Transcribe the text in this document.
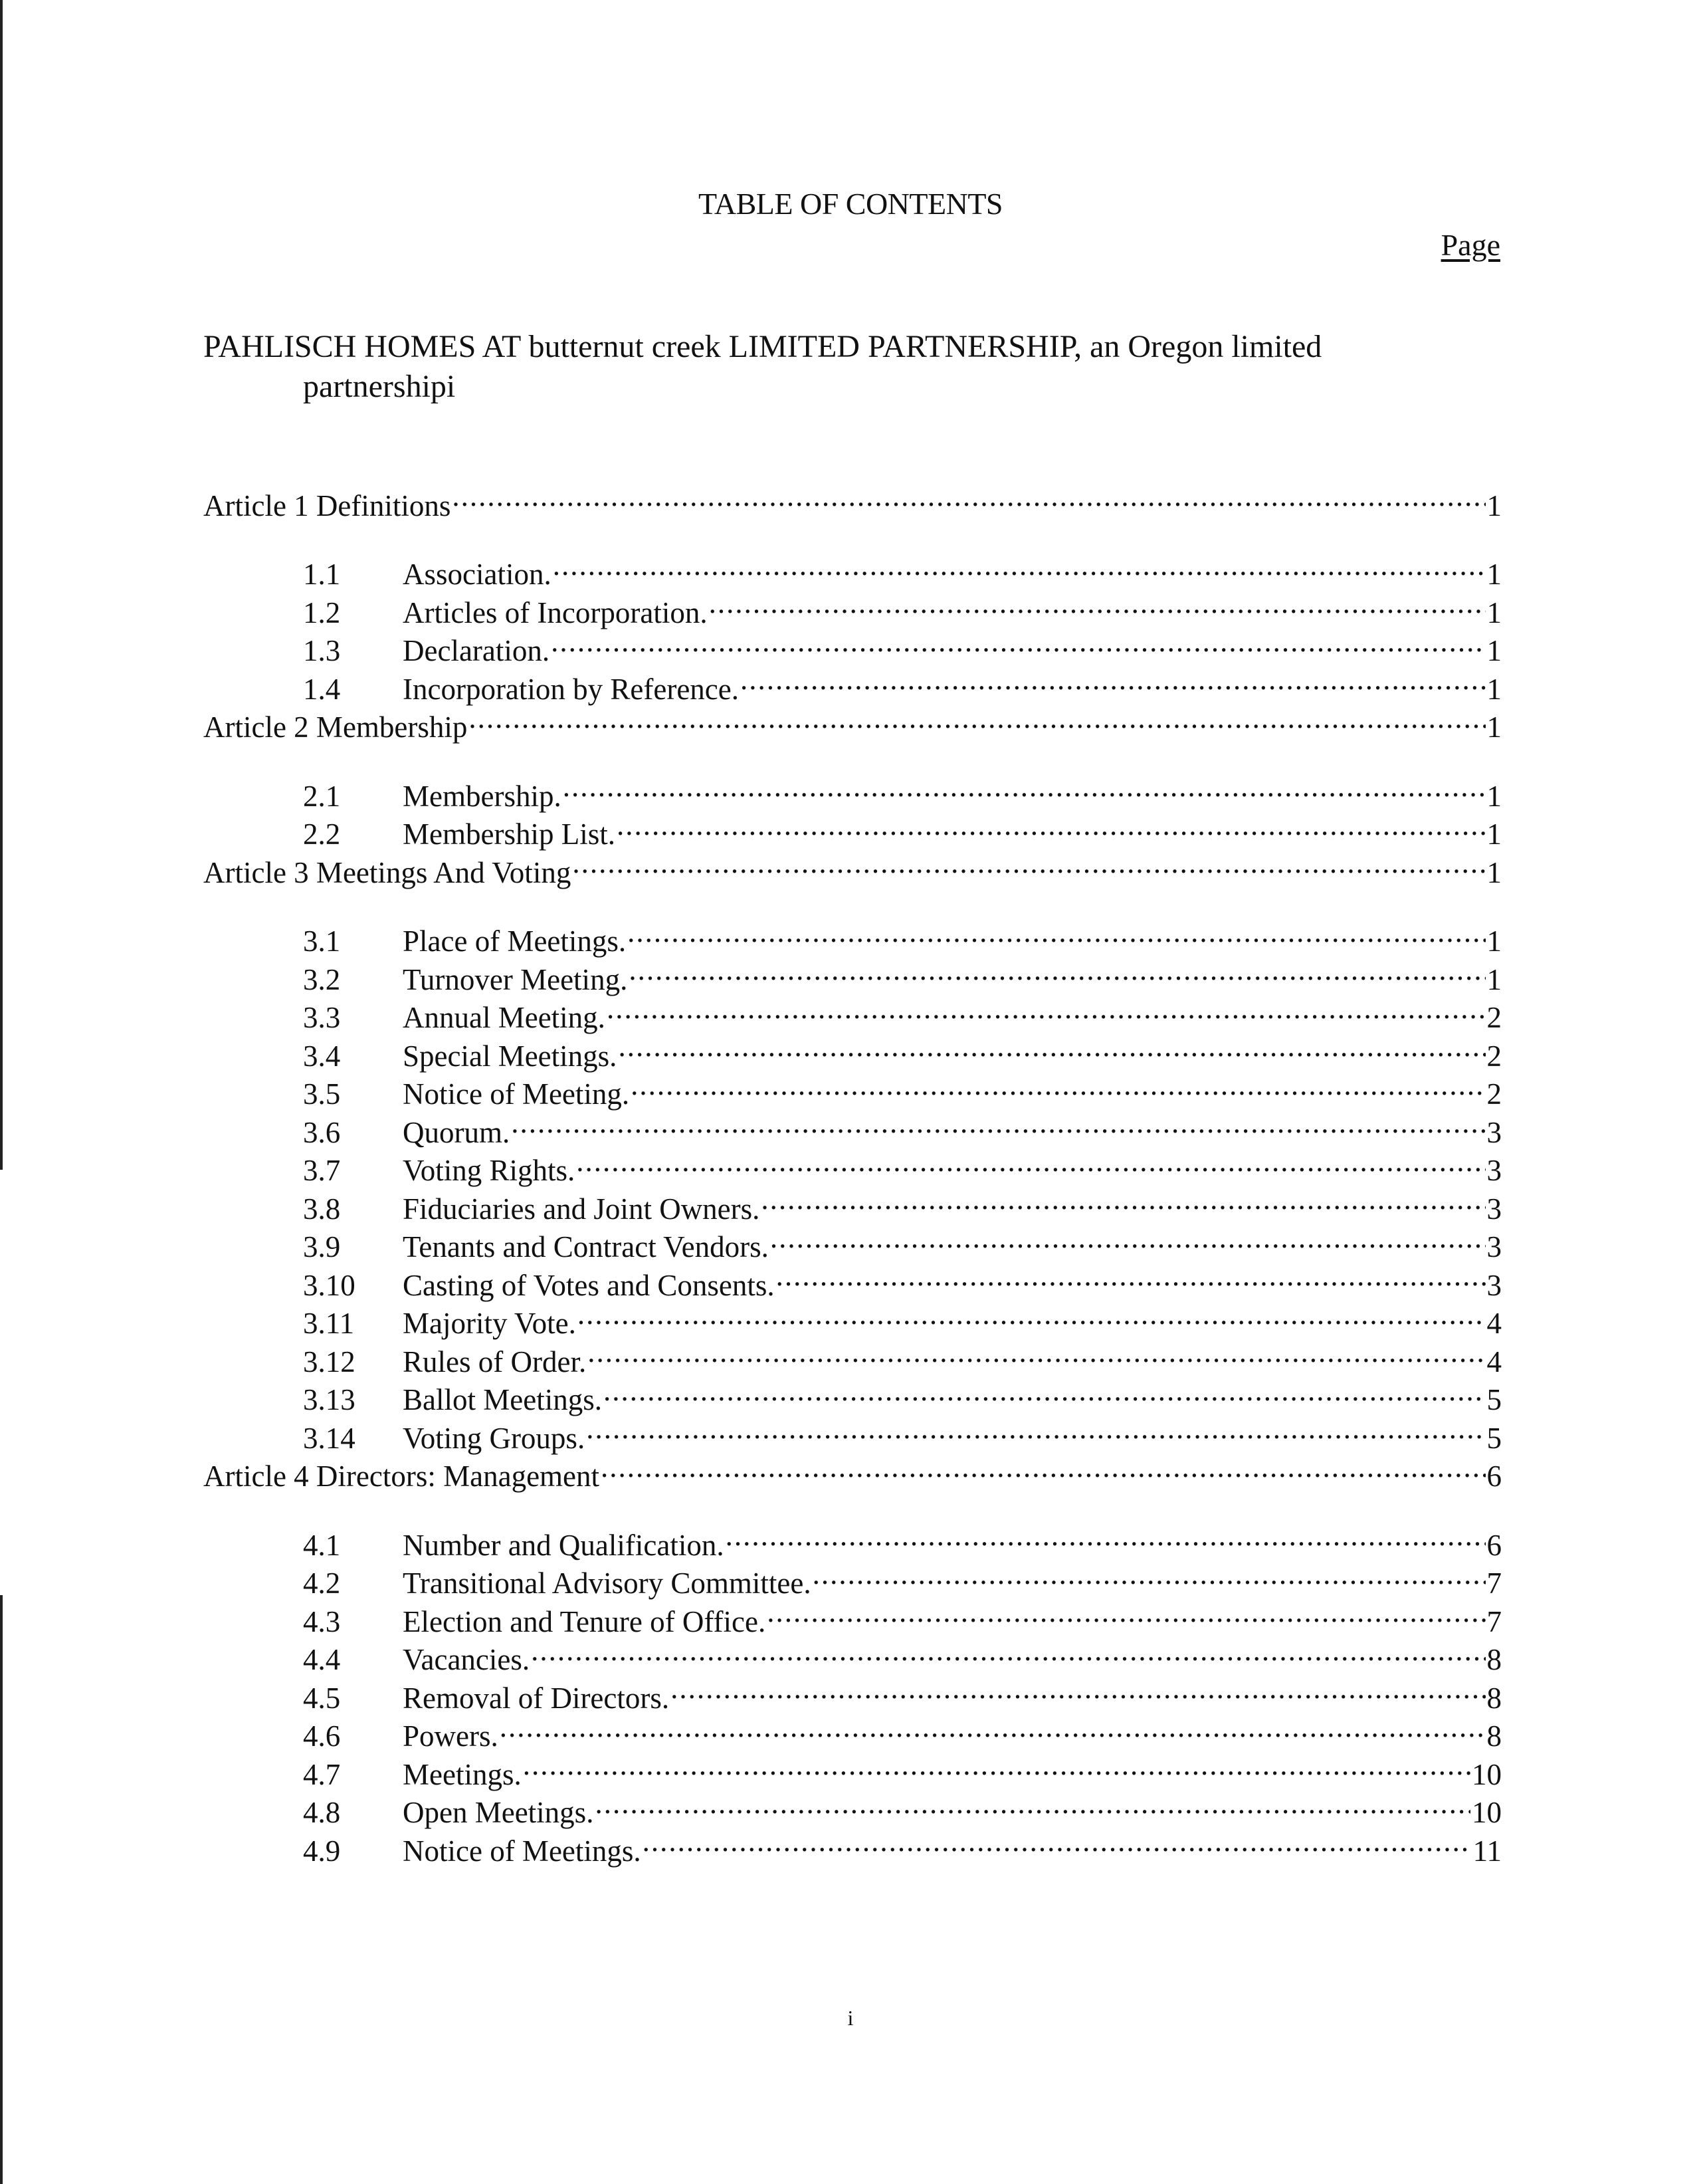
TABLE OF CONTENTS
Page
PAHLISCH HOMES AT butternut creek LIMITED PARTNERSHIP, an Oregon limited
partnershipi
Article 1 Definitions .....	1
1.1	Association. .....	1
1.2	Articles of Incorporation. .....	1
1.3	Declaration. .....	1
1.4	Incorporation by Reference. .....	1
Article 2 Membership .....	1
2.1	Membership. .....	1
2.2	Membership List. .....	1
Article 3 Meetings And Voting .....	1
3.1	Place of Meetings. .....	1
3.2	Turnover Meeting. .....	1
3.3	Annual Meeting. .....	2
3.4	Special Meetings. .....	2
3.5	Notice of Meeting. .....	2
3.6	Quorum. .....	3
3.7	Voting Rights. .....	3
3.8	Fiduciaries and Joint Owners. .....	3
3.9	Tenants and Contract Vendors. .....	3
3.10	Casting of Votes and Consents. .....	3
3.11	Majority Vote. .....	4
3.12	Rules of Order. .....	4
3.13	Ballot Meetings. .....	5
3.14	Voting Groups. .....	5
Article 4 Directors: Management .....	6
4.1	Number and Qualification. .....	6
4.2	Transitional Advisory Committee. .....	7
4.3	Election and Tenure of Office. .....	7
4.4	Vacancies. .....	8
4.5	Removal of Directors. .....	8
4.6	Powers. .....	8
4.7	Meetings. .....	10
4.8	Open Meetings. .....	10
4.9	Notice of Meetings. .....	11
i
